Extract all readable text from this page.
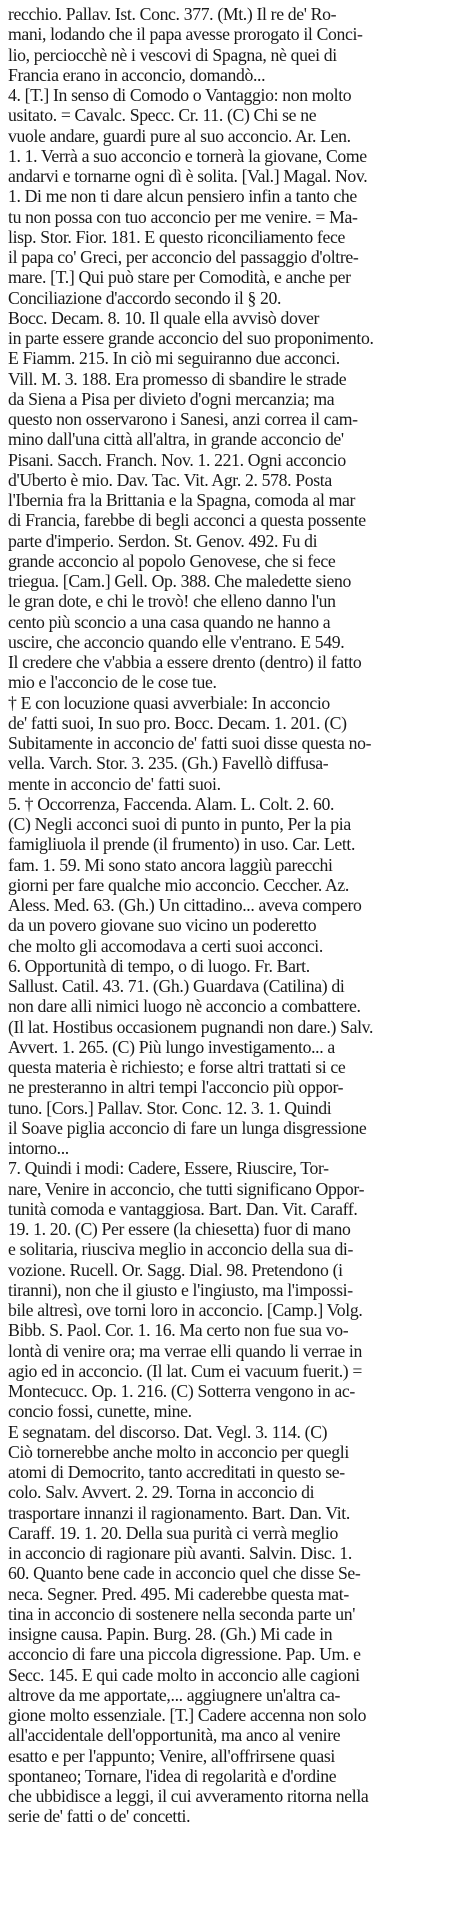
recchio. Pallav. Ist. Conc. 377. (Mt.) Il re de' Ro-
mani, lodando che il papa avesse prorogato il Conci-
lio, perciocchè nè i vescovi di Spagna, nè quei di
Francia erano in acconcio, domandò...
4. [T.] In senso di Comodo o Vantaggio: non molto
usitato. = Cavalc. Specc. Cr. 11. (C) Chi se ne
vuole andare, guardi pure al suo acconcio. Ar. Len.
1. 1. Verrà a suo acconcio e tornerà la giovane, Come
andarvi e tornarne ogni dì è solita. [Val.] Magal. Nov.
1. Di me non ti dare alcun pensiero infin a tanto che
tu non possa con tuo acconcio per me venire. = Ma-
lisp. Stor. Fior. 181. E questo riconciliamento fece
il papa co' Greci, per acconcio del passaggio d'oltre-
mare. [T.] Qui può stare per Comodità, e anche per
Conciliazione d'accordo secondo il § 20.
Bocc. Decam. 8. 10. Il quale ella avvisò dover
in parte essere grande acconcio del suo proponimento.
E Fiamm. 215. In ciò mi seguiranno due acconci.
Vill. M. 3. 188. Era promesso di sbandire le strade
da Siena a Pisa per divieto d'ogni mercanzia; ma
questo non osservarono i Sanesi, anzi correa il cam-
mino dall'una città all'altra, in grande acconcio de'
Pisani. Sacch. Franch. Nov. 1. 221. Ogni acconcio
d'Uberto è mio. Dav. Tac. Vit. Agr. 2. 578. Posta
l'Ibernia fra la Brittania e la Spagna, comoda al mar
di Francia, farebbe di begli acconci a questa possente
parte d'imperio. Serdon. St. Genov. 492. Fu di
grande acconcio al popolo Genovese, che si fece
triegua. [Cam.] Gell. Op. 388. Che maledette sieno
le gran dote, e chi le trovò! che elleno danno l'un
cento più sconcio a una casa quando ne hanno a
uscire, che acconcio quando elle v'entrano. E 549.
Il credere che v'abbia a essere drento (dentro) il fatto
mio e l'acconcio de le cose tue.
† E con locuzione quasi avverbiale: In acconcio
de' fatti suoi, In suo pro. Bocc. Decam. 1. 201. (C)
Subitamente in acconcio de' fatti suoi disse questa no-
vella. Varch. Stor. 3. 235. (Gh.) Favellò diffusa-
mente in acconcio de' fatti suoi.
5. † Occorrenza, Faccenda. Alam. L. Colt. 2. 60.
(C) Negli acconci suoi di punto in punto, Per la pia
famigliuola il prende (il frumento) in uso. Car. Lett.
fam. 1. 59. Mi sono stato ancora laggiù parecchi
giorni per fare qualche mio acconcio. Ceccher. Az.
Aless. Med. 63. (Gh.) Un cittadino... aveva compero
da un povero giovane suo vicino un poderetto
che molto gli accomodava a certi suoi acconci.
6. Opportunità di tempo, o di luogo. Fr. Bart.
Sallust. Catil. 43. 71. (Gh.) Guardava (Catilina) di
non dare alli nimici luogo nè acconcio a combattere.
(Il lat. Hostibus occasionem pugnandi non dare.) Salv.
Avvert. 1. 265. (C) Più lungo investigamento... a
questa materia è richiesto; e forse altri trattati si ce
ne presteranno in altri tempi l'acconcio più oppor-
tuno. [Cors.] Pallav. Stor. Conc. 12. 3. 1. Quindi
il Soave piglia acconcio di fare un lunga disgressione
intorno...
7. Quindi i modi: Cadere, Essere, Riuscire, Tor-
nare, Venire in acconcio, che tutti significano Oppor-
tunità comoda e vantaggiosa. Bart. Dan. Vit. Caraff.
19. 1. 20. (C) Per essere (la chiesetta) fuor di mano
e solitaria, riusciva meglio in acconcio della sua di-
vozione. Rucell. Or. Sagg. Dial. 98. Pretendono (i
tiranni), non che il giusto e l'ingiusto, ma l'impossi-
bile altresì, ove torni loro in acconcio. [Camp.] Volg.
Bibb. S. Paol. Cor. 1. 16. Ma certo non fue sua vo-
lontà di venire ora; ma verrae elli quando li verrae in
agio ed in acconcio. (Il lat. Cum ei vacuum fuerit.) =
Montecucc. Op. 1. 216. (C) Sotterra vengono in ac-
concio fossi, cunette, mine.
E segnatam. del discorso. Dat. Vegl. 3. 114. (C)
Ciò tornerebbe anche molto in acconcio per quegli
atomi di Democrito, tanto accreditati in questo se-
colo. Salv. Avvert. 2. 29. Torna in acconcio di
trasportare innanzi il ragionamento. Bart. Dan. Vit.
Caraff. 19. 1. 20. Della sua purità ci verrà meglio
in acconcio di ragionare più avanti. Salvin. Disc. 1.
60. Quanto bene cade in acconcio quel che disse Se-
neca. Segner. Pred. 495. Mi caderebbe questa mat-
tina in acconcio di sostenere nella seconda parte un'
insigne causa. Papin. Burg. 28. (Gh.) Mi cade in
acconcio di fare una piccola digressione. Pap. Um. e
Secc. 145. E qui cade molto in acconcio alle cagioni
altrove da me apportate,... aggiugnere un'altra ca-
gione molto essenziale. [T.] Cadere accenna non solo
all'accidentale dell'opportunità, ma anco al venire
esatto e per l'appunto; Venire, all'offrirsene quasi
spontaneo; Tornare, l'idea di regolarità e d'ordine
che ubbidisce a leggi, il cui avveramento ritorna nella
serie de' fatti o de' concetti.
